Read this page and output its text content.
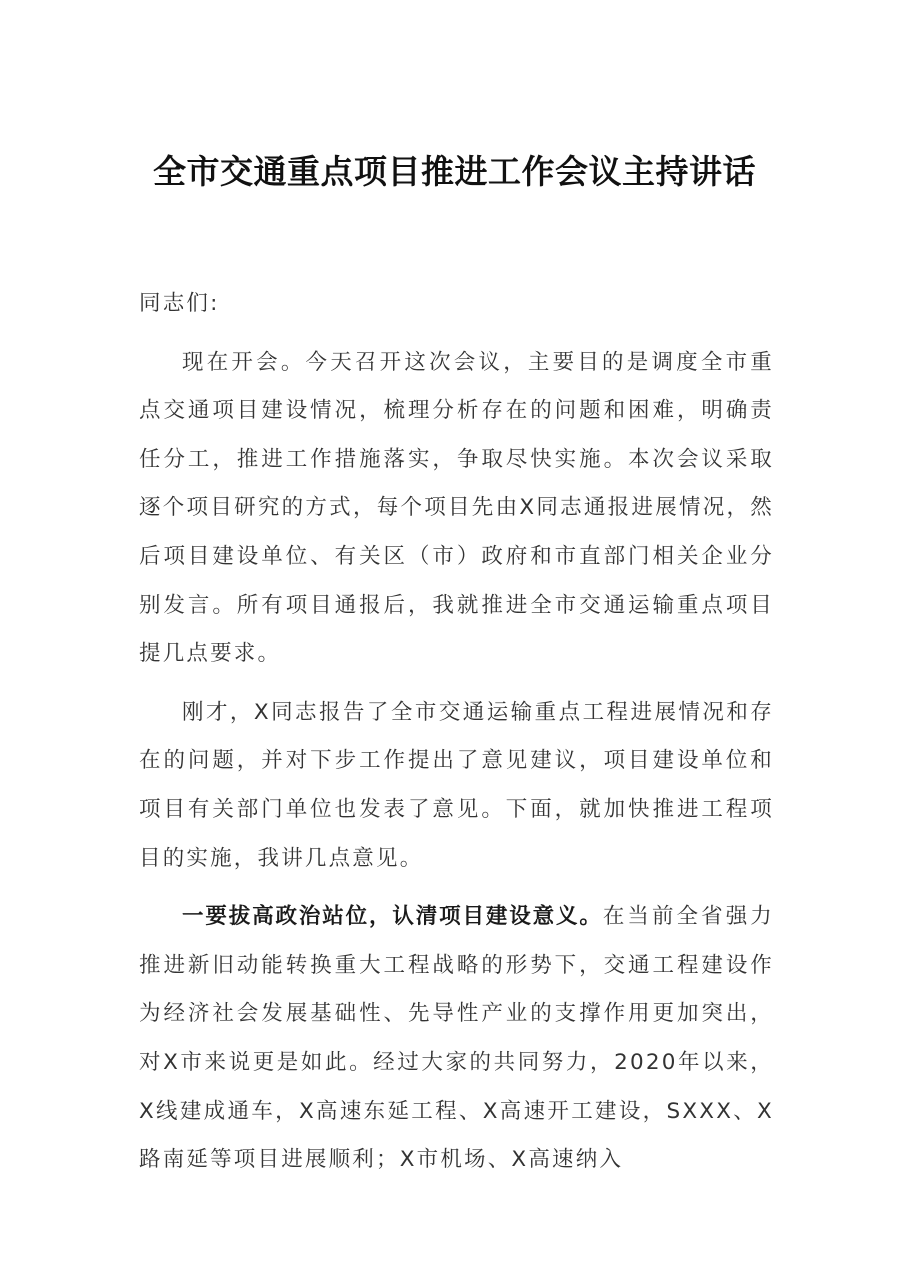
全市交通重点项目推进工作会议主持讲话

同志们:

现在开会。今天召开这次会议，主要目的是调度全市重点交通项目建设情况，梳理分析存在的问题和困难，明确责任分工，推进工作措施落实，争取尽快实施。本次会议采取逐个项目研究的方式，每个项目先由X同志通报进展情况，然后项目建设单位、有关区（市）政府和市直部门相关企业分别发言。所有项目通报后，我就推进全市交通运输重点项目提几点要求。

刚才，X同志报告了全市交通运输重点工程进展情况和存在的问题，并对下步工作提出了意见建议，项目建设单位和项目有关部门单位也发表了意见。下面，就加快推进工程项目的实施，我讲几点意见。

一要拔高政治站位，认清项目建设意义。在当前全省强力推进新旧动能转换重大工程战略的形势下，交通工程建设作为经济社会发展基础性、先导性产业的支撑作用更加突出，对X市来说更是如此。经过大家的共同努力，2020年以来，X线建成通车，X高速东延工程、X高速开工建设，SXXX、X路南延等项目进展顺利；X市机场、X高速纳入
